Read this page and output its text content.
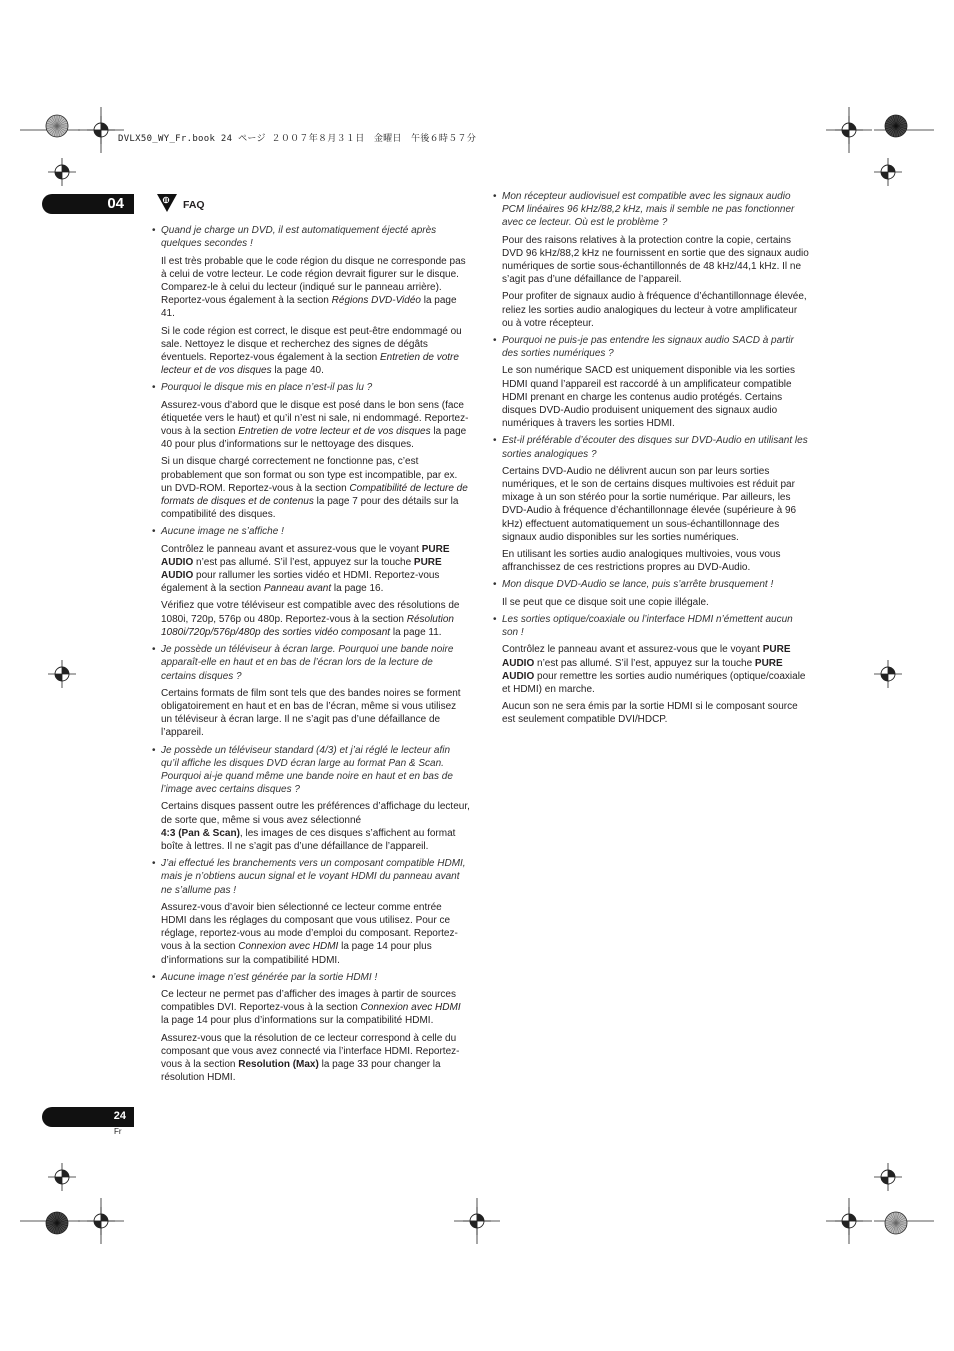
DVLX50_WY_Fr.book 24 ページ ２００７年８月３１日　金曜日　午後６時５７分
04
24
Fr
FAQ
• Quand je charge un DVD, il est automatiquement éjecté après quelques secondes !
Il est très probable que le code région du disque ne corresponde pas à celui de votre lecteur. Le code région devrait figurer sur le disque. Comparez-le à celui du lecteur (indiqué sur le panneau arrière). Reportez-vous également à la section Régions DVD-Vidéo la page 41.
Si le code région est correct, le disque est peut-être endommagé ou sale. Nettoyez le disque et recherchez des signes de dégâts éventuels. Reportez-vous également à la section Entretien de votre lecteur et de vos disques la page 40.
• Pourquoi le disque mis en place n’est-il pas lu ?
Assurez-vous d’abord que le disque est posé dans le bon sens (face étiquetée vers le haut) et qu’il n’est ni sale, ni endommagé. Reportez-vous à la section Entretien de votre lecteur et de vos disques la page 40 pour plus d’informations sur le nettoyage des disques.
Si un disque chargé correctement ne fonctionne pas, c’est probablement que son format ou son type est incompatible, par ex. un DVD-ROM. Reportez-vous à la section Compatibilité de lecture de formats de disques et de contenus la page 7 pour des détails sur la compatibilité des disques.
• Aucune image ne s’affiche !
Contrôlez le panneau avant et assurez-vous que le voyant PURE AUDIO n’est pas allumé. S’il l’est, appuyez sur la touche PURE AUDIO pour rallumer les sorties vidéo et HDMI. Reportez-vous également à la section Panneau avant la page 16.
Vérifiez que votre téléviseur est compatible avec des résolutions de 1080i, 720p, 576p ou 480p. Reportez-vous à la section Résolution 1080i/720p/576p/480p des sorties vidéo composant la page 11.
• Je possède un téléviseur à écran large. Pourquoi une bande noire apparaît-elle en haut et en bas de l’écran lors de la lecture de certains disques ?
Certains formats de film sont tels que des bandes noires se forment obligatoirement en haut et en bas de l’écran, même si vous utilisez un téléviseur à écran large. Il ne s’agit pas d’une défaillance de l’appareil.
• Je possède un téléviseur standard (4/3) et j’ai réglé le lecteur afin qu’il affiche les disques DVD écran large au format Pan & Scan. Pourquoi ai-je quand même une bande noire en haut et en bas de l’image avec certains disques ?
Certains disques passent outre les préférences d’affichage du lecteur, de sorte que, même si vous avez sélectionné
4:3 (Pan & Scan), les images de ces disques s’affichent au format boîte à lettres. Il ne s’agit pas d’une défaillance de l’appareil.
• J’ai effectué les branchements vers un composant compatible HDMI, mais je n’obtiens aucun signal et le voyant HDMI du panneau avant ne s’allume pas !
Assurez-vous d’avoir bien sélectionné ce lecteur comme entrée HDMI dans les réglages du composant que vous utilisez. Pour ce réglage, reportez-vous au mode d’emploi du composant. Reportez-vous à la section Connexion avec HDMI la page 14 pour plus d’informations sur la compatibilité HDMI.
• Aucune image n’est générée par la sortie HDMI !
Ce lecteur ne permet pas d’afficher des images à partir de sources compatibles DVI. Reportez-vous à la section Connexion avec HDMI la page 14 pour plus d’informations sur la compatibilité HDMI.
Assurez-vous que la résolution de ce lecteur correspond à celle du composant que vous avez connecté via l’interface HDMI. Reportez-vous à la section Resolution (Max) la page 33 pour changer la résolution HDMI.
• Mon récepteur audiovisuel est compatible avec les signaux audio PCM linéaires 96 kHz/88,2 kHz, mais il semble ne pas fonctionner avec ce lecteur. Où est le problème ?
Pour des raisons relatives à la protection contre la copie, certains DVD 96 kHz/88,2 kHz ne fournissent en sortie que des signaux audio numériques de sortie sous-échantillonnés de 48 kHz/44,1 kHz. Il ne s’agit pas d’une défaillance de l’appareil.
Pour profiter de signaux audio à fréquence d’échantillonnage élevée, reliez les sorties audio analogiques du lecteur à votre amplificateur ou à votre récepteur.
• Pourquoi ne puis-je pas entendre les signaux audio SACD à partir des sorties numériques ?
Le son numérique SACD est uniquement disponible via les sorties HDMI quand l’appareil est raccordé à un amplificateur compatible HDMI prenant en charge les contenus audio protégés. Certains disques DVD-Audio produisent uniquement des signaux audio numériques à travers les sorties HDMI.
• Est-il préférable d’écouter des disques sur DVD-Audio en utilisant les sorties analogiques ?
Certains DVD-Audio ne délivrent aucun son par leurs sorties numériques, et le son de certains disques multivoies est réduit par mixage à un son stéréo pour la sortie numérique. Par ailleurs, les DVD-Audio à fréquence d’échantillonnage élevée (supérieure à 96 kHz) effectuent automatiquement un sous-échantillonnage des signaux audio disponibles sur les sorties numériques.
En utilisant les sorties audio analogiques multivoies, vous vous affranchissez de ces restrictions propres au DVD-Audio.
• Mon disque DVD-Audio se lance, puis s’arrête brusquement !
Il se peut que ce disque soit une copie illégale.
• Les sorties optique/coaxiale ou l’interface HDMI n’émettent aucun son !
Contrôlez le panneau avant et assurez-vous que le voyant PURE AUDIO n’est pas allumé. S’il l’est, appuyez sur la touche PURE AUDIO pour remettre les sorties audio numériques (optique/coaxiale et HDMI) en marche.
Aucun son ne sera émis par la sortie HDMI si le composant source est seulement compatible DVI/HDCP.
